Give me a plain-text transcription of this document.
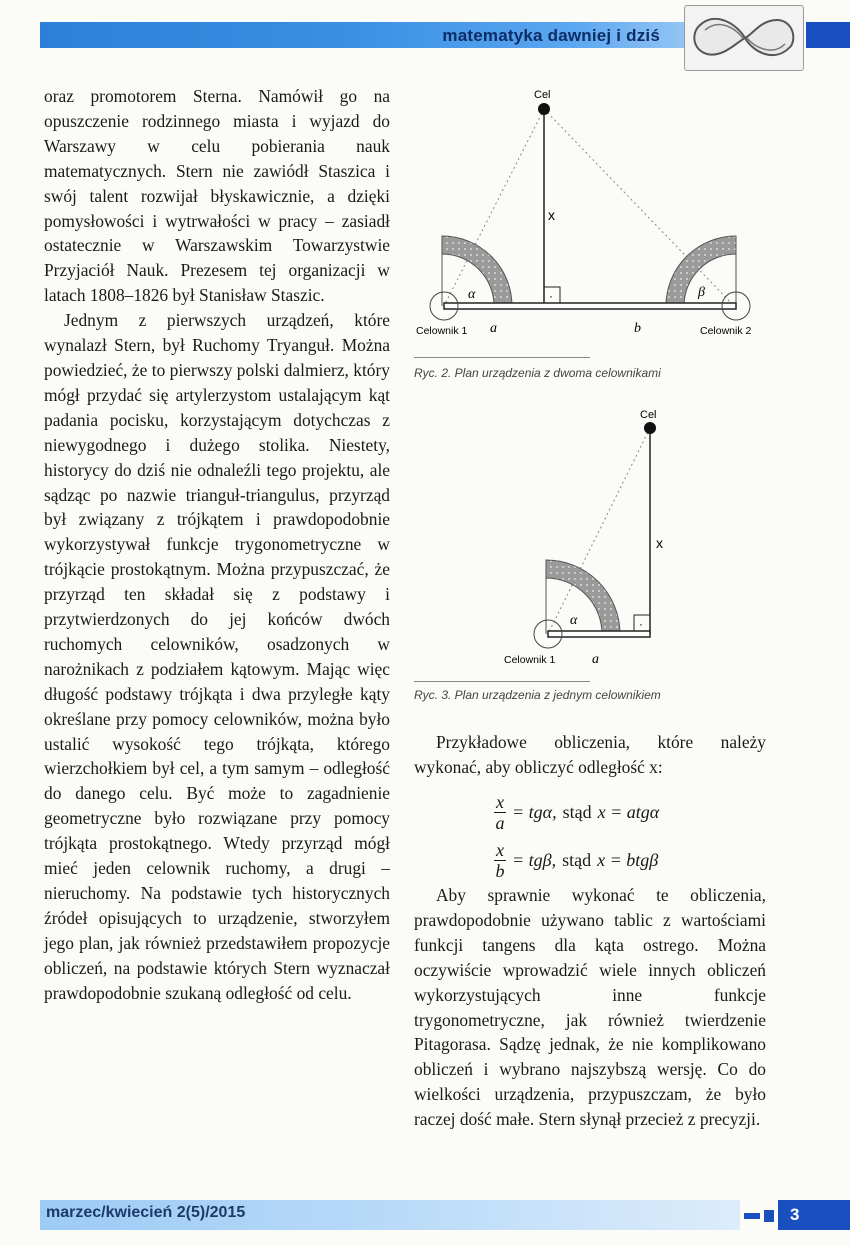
matematyka dawniej i dziś

oraz promotorem Sterna. Namówił go na opuszczenie rodzinnego miasta i wyjazd do Warszawy w celu pobierania nauk matematycznych. Stern nie zawiódł Staszica i swój talent rozwijał błyskawicznie, a dzięki pomysłowości i wytrwałości w pracy – zasiadł ostatecznie w Warszawskim Towarzystwie Przyjaciół Nauk. Prezesem tej organizacji w latach 1808–1826 był Stanisław Staszic.

Jednym z pierwszych urządzeń, które wynalazł Stern, był Ruchomy Tryanguł. Można powiedzieć, że to pierwszy polski dalmierz, który mógł przydać się artylerzystom ustalającym kąt padania pocisku, korzystającym dotychczas z niewygodnego i dużego stolika. Niestety, historycy do dziś nie odnaleźli tego projektu, ale sądząc po nazwie trianguł-triangulus, przyrząd był związany z trójkątem i prawdopodobnie wykorzystywał funkcje trygonometryczne w trójkącie prostokątnym. Można przypuszczać, że przyrząd ten składał się z podstawy i przytwierdzonych do jej końców dwóch ruchomych celowników, osadzonych w narożnikach z podziałem kątowym. Mając więc długość podstawy trójkąta i dwa przyległe kąty określane przy pomocy celowników, można było ustalić wysokość tego trójkąta, którego wierzchołkiem był cel, a tym samym – odległość do danego celu. Być może to zagadnienie geometryczne było rozwiązane przy pomocy trójkąta prostokątnego. Wtedy przyrząd mógł mieć jeden celownik ruchomy, a drugi – nieruchomy. Na podstawie tych historycznych źródeł opisujących to urządzenie, stworzyłem jego plan, jak również przedstawiłem propozycje obliczeń, na podstawie których Stern wyznaczał prawdopodobnie szukaną odległość od celu.

Cel
x
·
α	β
Celownik 1 a	b	Celownik 2
Ryc. 2. Plan urządzenia z dwoma celownikami
Cel
x
·
α
Celownik 1	a
Ryc. 3. Plan urządzenia z jednym celownikiem

Przykładowe obliczenia, które należy wykonać, aby obliczyć odległość x:

$\frac{x}{a} = tg\alpha$, stąd x = atgα
$\frac{x}{b} = tg\beta$, stąd x = btgβ

Aby sprawnie wykonać te obliczenia, prawdopodobnie używano tablic z wartościami funkcji tangens dla kąta ostrego. Można oczywiście wprowadzić wiele innych obliczeń wykorzystujących inne funkcje trygonometryczne, jak również twierdzenie Pitagorasa. Sądzę jednak, że nie komplikowano obliczeń i wybrano najszybszą wersję. Co do wielkości urządzenia, przypuszczam, że było raczej dość małe. Stern słynął przecież z precyzji.

marzec/kwiecień 2(5)/2015	3
